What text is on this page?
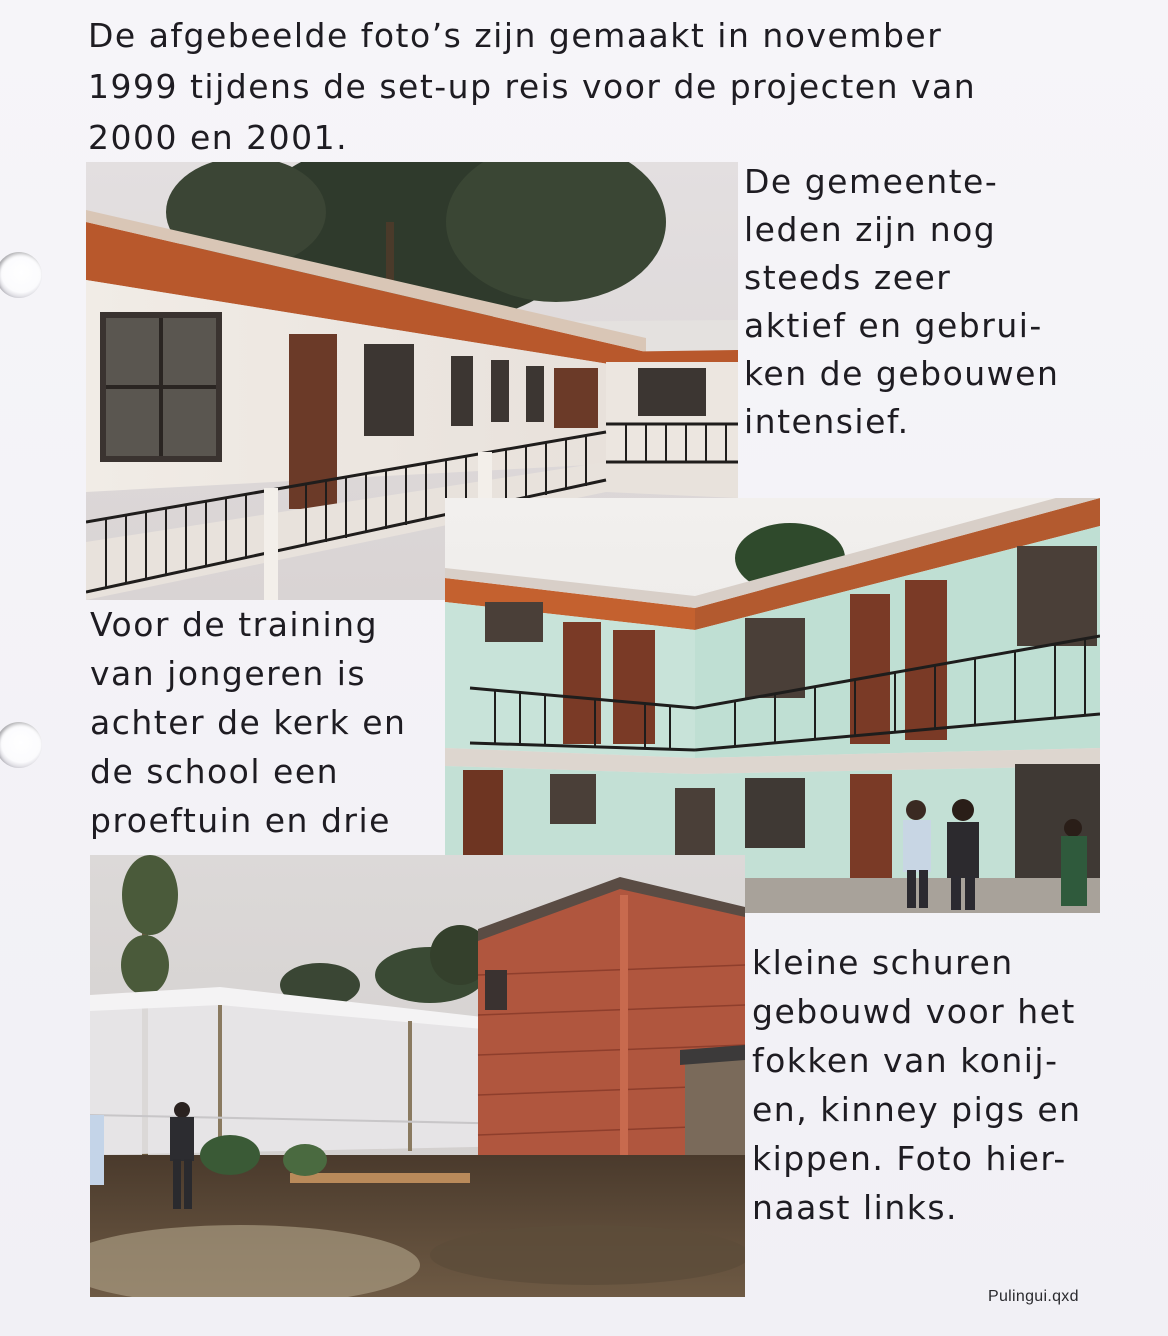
De afgebeelde foto’s zijn gemaakt in november
1999 tijdens de set-up reis voor de projecten van
2000 en 2001.
De gemeente-
leden zijn nog
steeds zeer
aktief en gebrui-
ken de gebouwen
intensief.
Voor de training
van jongeren is
achter de kerk en
de school een
proeftuin en drie
kleine schuren
gebouwd voor het
fokken van konij-
en, kinney pigs en
kippen. Foto hier-
naast links.
Pulingui.qxd
